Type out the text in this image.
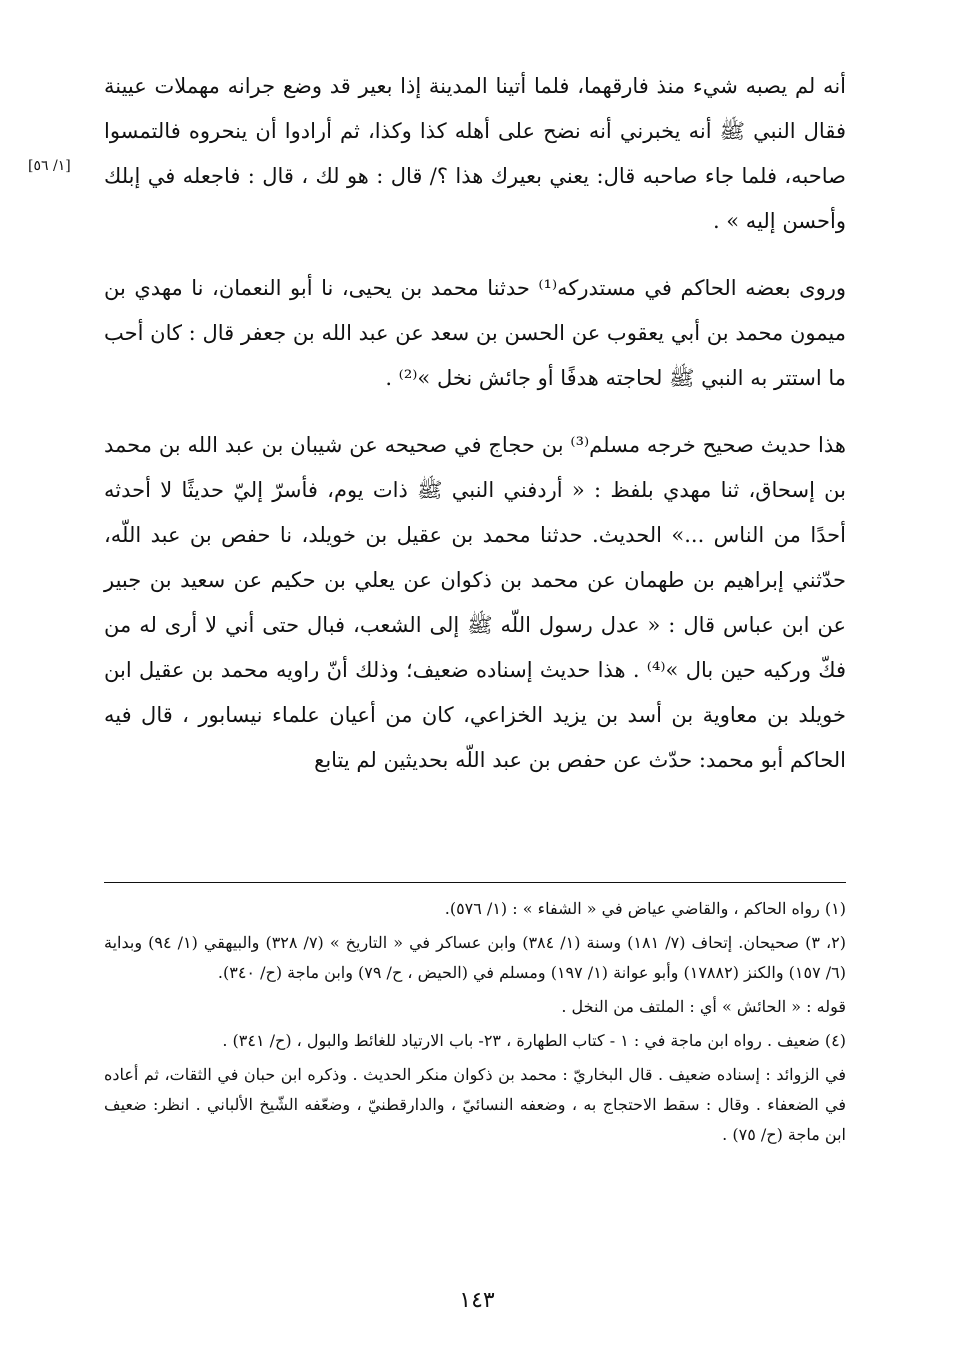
[١/ ٥٦]

أنه لم يصبه شيء منذ فارقهما، فلما أتينا المدينة إذا بعير قد وضع جرانه مهملات عيينة فقال النبي ﷺ أنه يخبرني أنه نضح على أهله كذا وكذا، ثم أرادوا أن ينحروه فالتمسوا صاحبه، فلما جاء صاحبه قال: يعني بعيرك هذا ؟/ قال : هو لك ، قال : فاجعله في إبلك وأحسن إليه » .

وروى بعضه الحاكم في مستدركه⁽¹⁾ حدثنا محمد بن يحيى، نا أبو النعمان، نا مهدي بن ميمون محمد بن أبي يعقوب عن الحسن بن سعد عن عبد الله بن جعفر قال : كان أحب ما استتر به النبي ﷺ لحاجته هدفًا أو جائش نخل »⁽²⁾ .

هذا حديث صحيح خرجه مسلم⁽³⁾ بن حجاج في صحيحه عن شيبان بن عبد الله بن محمد بن إسحاق، ثنا مهدي بلفظ : « أردفني النبي ﷺ ذات يوم، فأسرّ إليّ حديثًا لا أحدثه أحدًا من الناس ...» الحديث. حدثنا محمد بن عقيل بن خويلد، نا حفص بن عبد اللّه، حدّثني إبراهيم بن طهمان عن محمد بن ذكوان عن يعلي بن حكيم عن سعيد بن جبير عن ابن عباس قال : « عدل رسول اللّه ﷺ إلى الشعب، فبال حتى أني لا أرى له من فكّ وركيه حين بال »⁽⁴⁾ . هذا حديث إسناده ضعيف؛ وذلك أنّ راويه محمد بن عقيل ابن خويلد بن معاوية بن أسد بن يزيد الخزاعي، كان من أعيان علماء نيسابور ، قال فيه الحاكم أبو محمد: حدّث عن حفص بن عبد اللّه بحديثين لم يتابع

(١) رواه الحاكم ، والقاضي عياض في « الشفاء » : (١/ ٥٧٦).

(٢، ٣) صحيحان. إتحاف (٧/ ١٨١) وسنة (١/ ٣٨٤) وابن عساكر في « التاريخ » (٧/ ٣٢٨) والبيهقي (١/ ٩٤) وبداية (٦/ ١٥٧) والكنز (١٧٨٨٢) وأبو عوانة (١/ ١٩٧) ومسلم في (الحيض ، ح/ ٧٩) وابن ماجة (ح/ ٣٤٠).

قوله : « الحائش » أي : الملتف من النخل .

(٤) ضعيف . رواه ابن ماجة في : ١ - كتاب الطهارة ، ٢٣- باب الارتياد للغائط والبول ، (ح/ ٣٤١) .

في الزوائد : إسناده ضعيف . قال البخاريّ : محمد بن ذكوان منكر الحديث . وذكره ابن حبان في الثقات، ثم أعاده في الضعفاء . وقال : سقط الاحتجاج به ، وضعفه النسائيّ ، والدارقطنيّ ، وضعّفه الشّيخ الألباني . انظر: ضعيف ابن ماجة (ح/ ٧٥) .

١٤٣
